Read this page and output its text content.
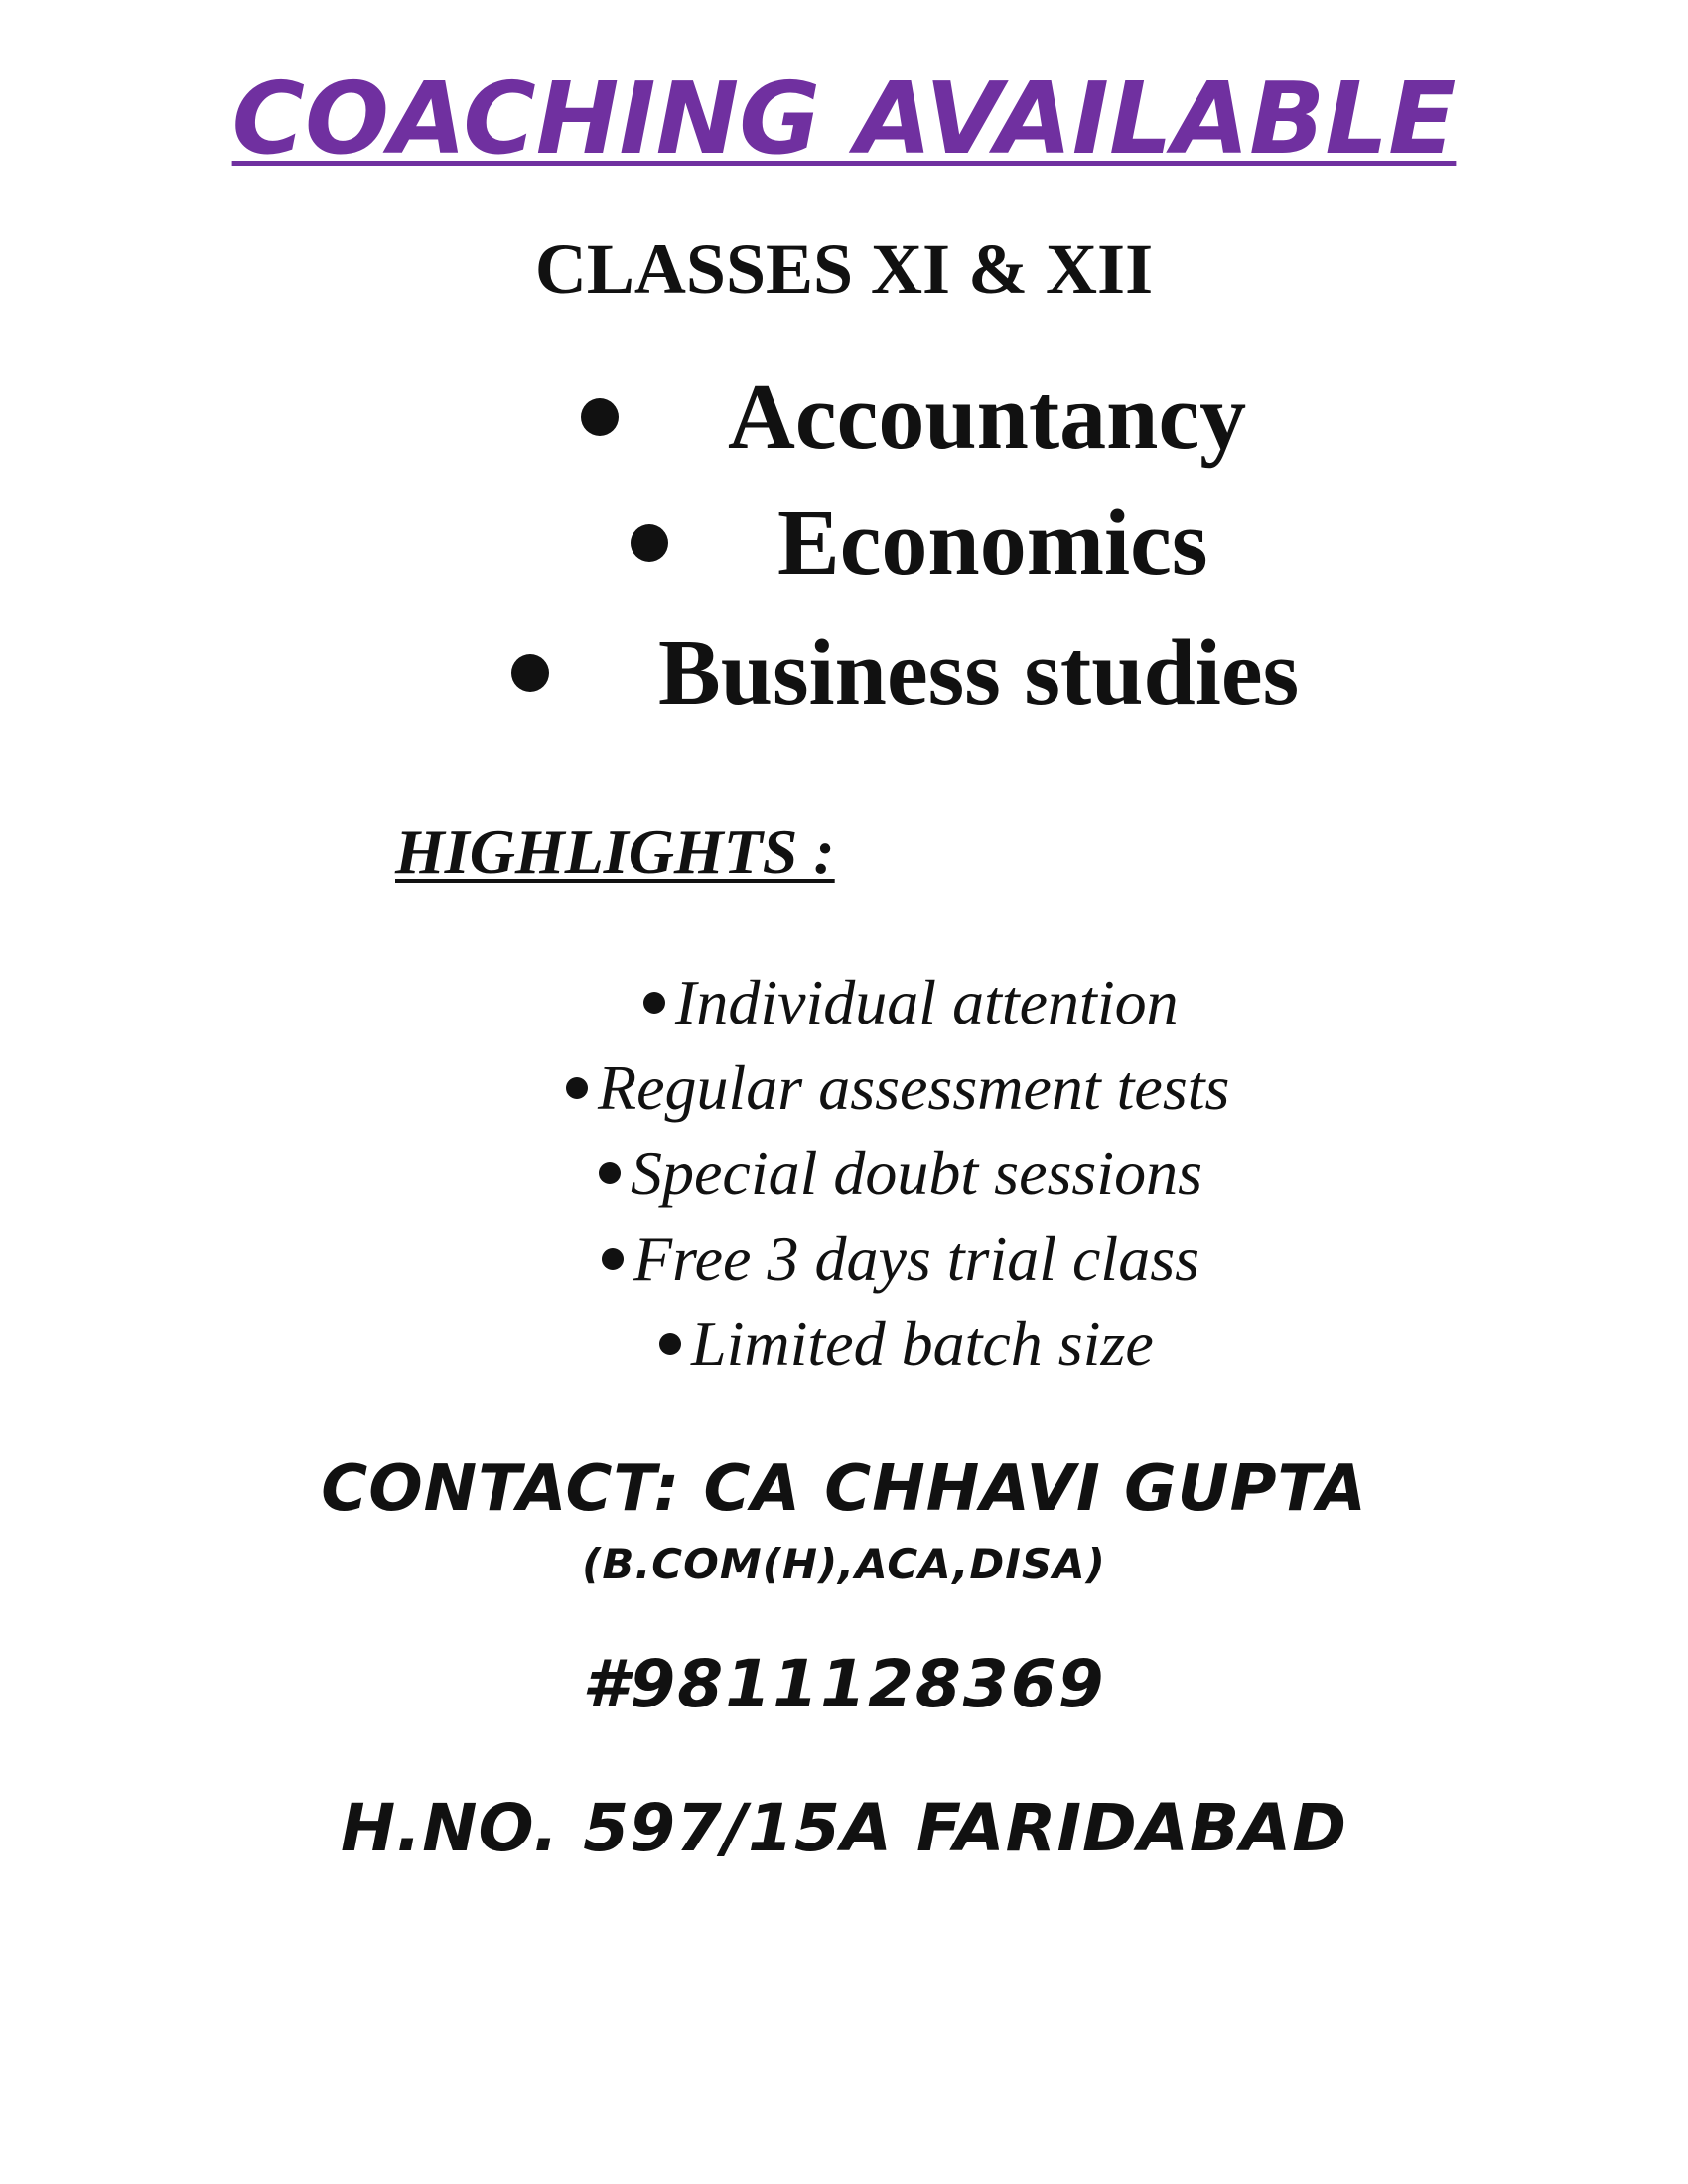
COACHING AVAILABLE
CLASSES XI & XII
Accountancy
Economics
Business studies
HIGHLIGHTS :
Individual attention
Regular assessment tests
Special doubt sessions
Free 3 days trial class
Limited batch size
CONTACT: CA CHHAVI GUPTA
(B.COM(H),ACA,DISA)
#9811128369
H.NO. 597/15A FARIDABAD
